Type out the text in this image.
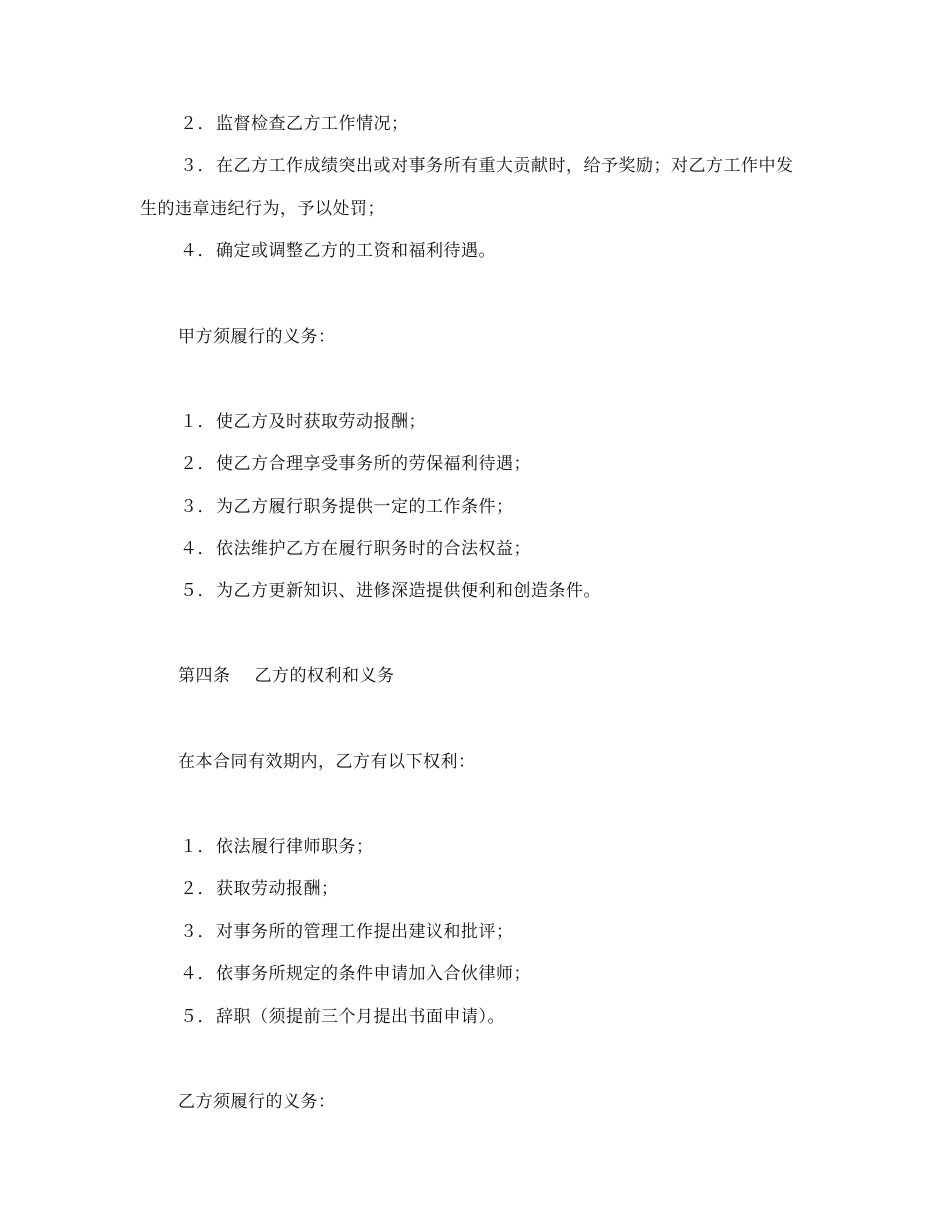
２．监督检查乙方工作情况；
３．在乙方工作成绩突出或对事务所有重大贡献时，给予奖励；对乙方工作中发
生的违章违纪行为，予以处罚；
４．确定或调整乙方的工资和福利待遇。
甲方须履行的义务：
１．使乙方及时获取劳动报酬；
２．使乙方合理享受事务所的劳保福利待遇；
３．为乙方履行职务提供一定的工作条件；
４．依法维护乙方在履行职务时的合法权益；
５．为乙方更新知识、进修深造提供便利和创造条件。
第四条 乙方的权利和义务
在本合同有效期内，乙方有以下权利：
１．依法履行律师职务；
２．获取劳动报酬；
３．对事务所的管理工作提出建议和批评；
４．依事务所规定的条件申请加入合伙律师；
５．辞职（须提前三个月提出书面申请）。
乙方须履行的义务：
